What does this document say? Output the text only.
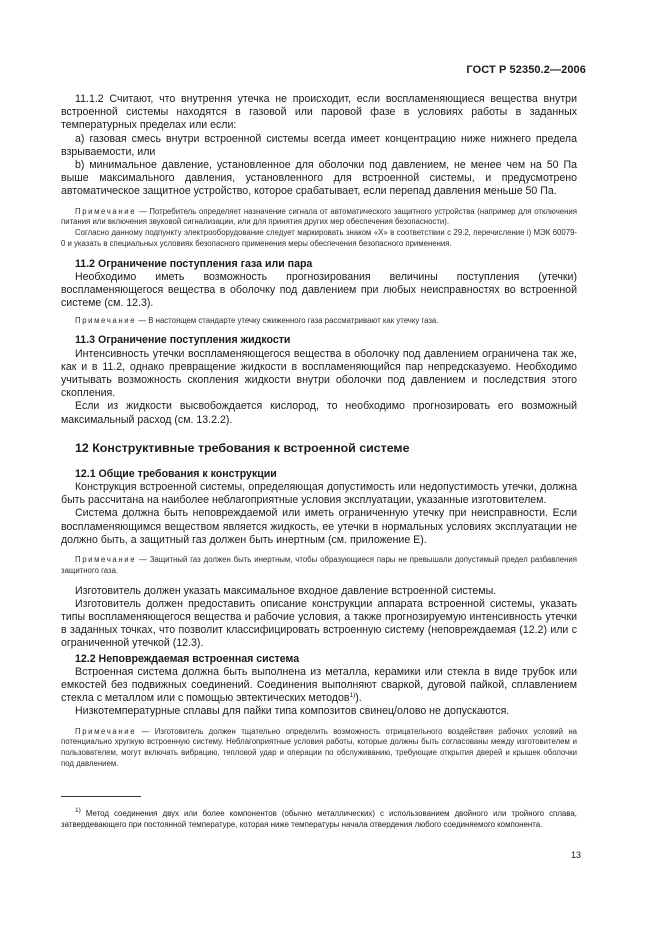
ГОСТ Р 52350.2—2006

11.1.2 Считают, что внутрення утечка не происходит, если воспламеняющиеся вещества внутри встроенной системы находятся в газовой или паровой фазе в условиях работы в заданных температурных пределах или если:

а) газовая смесь внутри встроенной системы всегда имеет концентрацию ниже нижнего предела взрываемости, или

b) минимальное давление, установленное для оболочки под давлением, не менее чем на 50 Па выше максимального давления, установленного для встроенной системы, и предусмотрено автоматическое защитное устройство, которое срабатывает, если перепад давления меньше 50 Па.

Примечание — Потребитель определяет назначение сигнала от автоматического защитного устройства (например для отключения питания или включения звуковой сигнализации, или для принятия других мер обеспечения безопасности).

Согласно данному подпункту электрооборудование следует маркировать знаком «Х» в соответствии с 29.2, перечисление i) МЭК 60079-0 и указать в специальных условиях безопасного применения меры обеспечения безопасного применения.

11.2 Ограничение поступления газа или пара

Необходимо иметь возможность прогнозирования величины поступления (утечки) воспламеняющегося вещества в оболочку под давлением при любых неисправностях во встроенной системе (см. 12.3).

Примечание — В настоящем стандарте утечку сжиженного газа рассматривают как утечку газа.

11.3 Ограничение поступления жидкости

Интенсивность утечки воспламеняющегося вещества в оболочку под давлением ограничена так же, как и в 11.2, однако превращение жидкости в воспламеняющийся пар непредсказуемо. Необходимо учитывать возможность скопления жидкости внутри оболочки под давлением и последствия этого скопления.

Если из жидкости высвобождается кислород, то необходимо прогнозировать его возможный максимальный расход (см. 13.2.2).

12 Конструктивные требования к встроенной системе

12.1 Общие требования к конструкции

Конструкция встроенной системы, определяющая допустимость или недопустимость утечки, должна быть рассчитана на наиболее неблагоприятные условия эксплуатации, указанные изготовителем.

Система должна быть неповреждаемой или иметь ограниченную утечку при неисправности. Если воспламеняющимся веществом является жидкость, ее утечки в нормальных условиях эксплуатации не должно быть, а защитный газ должен быть инертным (см. приложение Е).

Примечание — Защитный газ должен быть инертным, чтобы образующиеся пары не превышали допустимый предел разбавления защитного газа.

Изготовитель должен указать максимальное входное давление встроенной системы.

Изготовитель должен предоставить описание конструкции аппарата встроенной системы, указать типы воспламеняющегося вещества и рабочие условия, а также прогнозируемую интенсивность утечки в заданных точках, что позволит классифицировать встроенную систему (неповреждаемая (12.2) или с ограниченной утечкой (12.3).

12.2 Неповреждаемая встроенная система

Встроенная система должна быть выполнена из металла, керамики или стекла в виде трубок или емкостей без подвижных соединений. Соединения выполняют сваркой, дуговой пайкой, сплавлением стекла с металлом или с помощью эвтектических методов$^{1)}$).

Низкотемпературные сплавы для пайки типа композитов свинец/олово не допускаются.

Примечание — Изготовитель должен тщательно определить возможность отрицательного воздействия рабочих условий на потенциально хрупкую встроенную систему. Неблагоприятные условия работы, которые должны быть согласованы между изготовителем и пользователем, могут включать вибрацию, тепловой удар и операции по обслуживанию, требующие открытия дверей и крышек оболочки под давлением.

$^{1)}$ Метод соединения двух или более компонентов (обычно металлических) с использованием двойного или тройного сплава, затвердевающего при постоянной температуре, которая ниже температуры начала отвердения любого соединяемого компонента.

13
